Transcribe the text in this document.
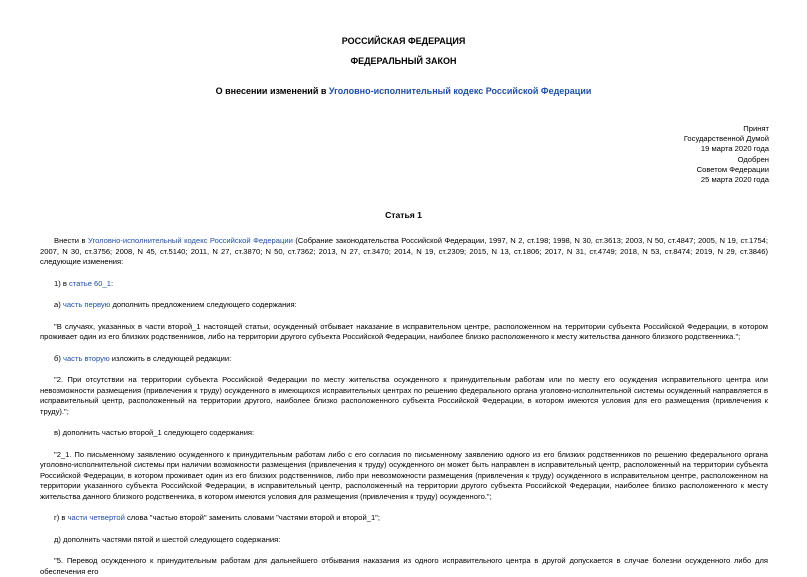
РОССИЙСКАЯ ФЕДЕРАЦИЯ
ФЕДЕРАЛЬНЫЙ ЗАКОН
О внесении изменений в Уголовно-исполнительный кодекс Российской Федерации
Принят
Государственной Думой
19 марта 2020 года
Одобрен
Советом Федерации
25 марта 2020 года
Статья 1

Внести в Уголовно-исполнительный кодекс Российской Федерации (Собрание законодательства Российской Федерации, 1997, N 2, ст.198; 1998, N 30, ст.3613; 2003, N 50, ст.4847; 2005, N 19, ст.1754; 2007, N 30, ст.3756; 2008, N 45, ст.5140; 2011, N 27, ст.3870; N 50, ст.7362; 2013, N 27, ст.3470; 2014, N 19, ст.2309; 2015, N 13, ст.1806; 2017, N 31, ст.4749; 2018, N 53, ст.8474; 2019, N 29, ст.3846) следующие изменения:

1) в статье 60_1:

а) часть первую дополнить предложением следующего содержания:

"В случаях, указанных в части второй_1 настоящей статьи, осужденный отбывает наказание в исправительном центре, расположенном на территории субъекта Российской Федерации, в котором проживает один из его близких родственников, либо на территории другого субъекта Российской Федерации, наиболее близко расположенного к месту жительства данного близкого родственника.";

б) часть вторую изложить в следующей редакции:

"2. При отсутствии на территории субъекта Российской Федерации по месту жительства осужденного к принудительным работам или по месту его осуждения исправительного центра или невозможности размещения (привлечения к труду) осужденного в имеющихся исправительных центрах по решению федерального органа уголовно-исполнительной системы осужденный направляется в исправительный центр, расположенный на территории другого, наиболее близко расположенного субъекта Российской Федерации, в котором имеются условия для его размещения (привлечения к труду).";

в) дополнить частью второй_1 следующего содержания:

"2_1. По письменному заявлению осужденного к принудительным работам либо с его согласия по письменному заявлению одного из его близких родственников по решению федерального органа уголовно-исполнительной системы при наличии возможности размещения (привлечения к труду) осужденного он может быть направлен в исправительный центр, расположенный на территории субъекта Российской Федерации, в котором проживает один из его близких родственников, либо при невозможности размещения (привлечения к труду) осужденного в исправительном центре, расположенном на территории указанного субъекта Российской Федерации, в исправительный центр, расположенный на территории другого субъекта Российской Федерации, наиболее близко расположенного к месту жительства данного близкого родственника, в котором имеются условия для размещения (привлечения к труду) осужденного.";

г) в части четвертой слова "частью второй" заменить словами "частями второй и второй_1";

д) дополнить частями пятой и шестой следующего содержания:

"5. Перевод осужденного к принудительным работам для дальнейшего отбывания наказания из одного исправительного центра в другой допускается в случае болезни осужденного либо для обеспечения его
